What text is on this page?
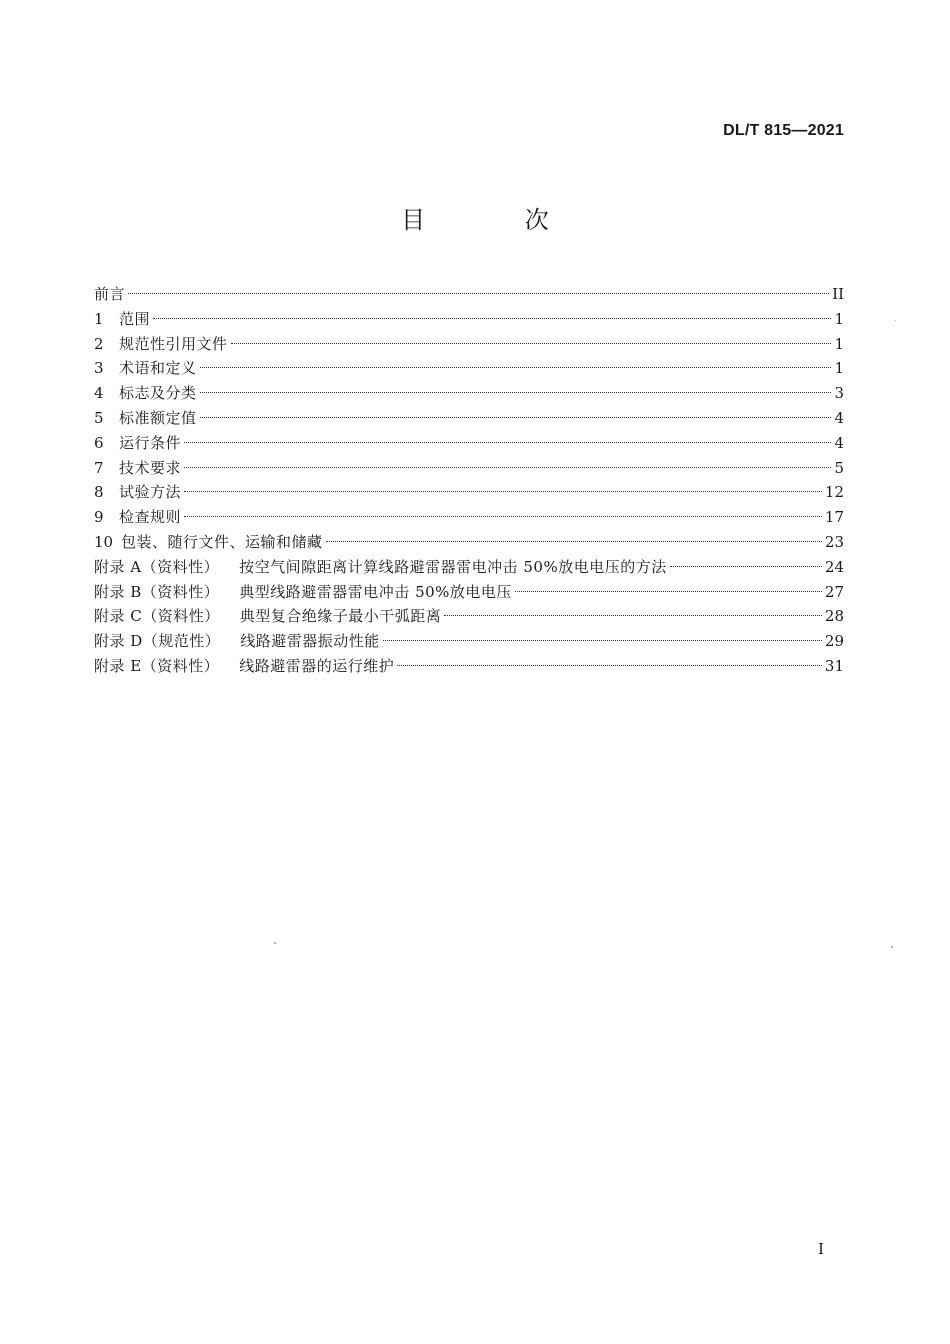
DL/T 815—2021
目 次
前言	II
1	范围	1
2	规范性引用文件	1
3	术语和定义	1
4	标志及分类	3
5	标准额定值	4
6	运行条件	4
7	技术要求	5
8	试验方法	12
9	检查规则	17
10 包装、随行文件、运输和储藏	23
附录 A（资料性） 按空气间隙距离计算线路避雷器雷电冲击 50%放电电压的方法	24
附录 B（资料性） 典型线路避雷器雷电冲击 50%放电电压	27
附录 C（资料性） 典型复合绝缘子最小干弧距离	28
附录 D（规范性） 线路避雷器振动性能	29
附录 E（资料性） 线路避雷器的运行维护	31
I
